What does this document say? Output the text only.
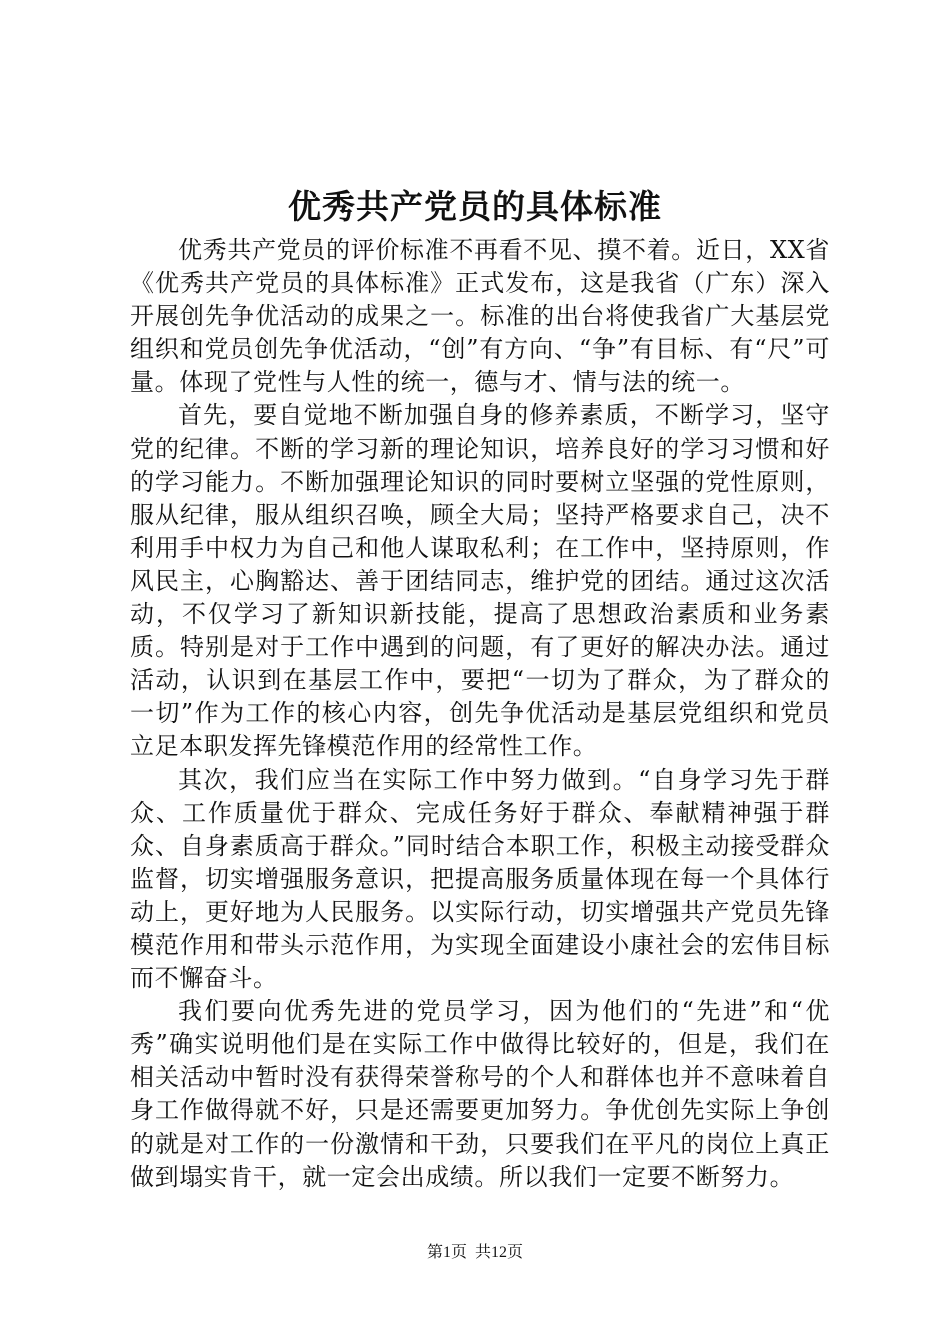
优秀共产党员的具体标准

优秀共产党员的评价标准不再看不见、摸不着。近日，XX省《优秀共产党员的具体标准》正式发布，这是我省（广东）深入开展创先争优活动的成果之一。标准的出台将使我省广大基层党组织和党员创先争优活动，“创”有方向、“争”有目标、有“尺”可量。体现了党性与人性的统一，德与才、情与法的统一。

首先，要自觉地不断加强自身的修养素质，不断学习，坚守党的纪律。不断的学习新的理论知识，培养良好的学习习惯和好的学习能力。不断加强理论知识的同时要树立坚强的党性原则，服从纪律，服从组织召唤，顾全大局；坚持严格要求自己，决不利用手中权力为自己和他人谋取私利；在工作中，坚持原则，作风民主，心胸豁达、善于团结同志，维护党的团结。通过这次活动，不仅学习了新知识新技能，提高了思想政治素质和业务素质。特别是对于工作中遇到的问题，有了更好的解决办法。通过活动，认识到在基层工作中，要把“一切为了群众，为了群众的一切”作为工作的核心内容，创先争优活动是基层党组织和党员立足本职发挥先锋模范作用的经常性工作。

其次，我们应当在实际工作中努力做到。“自身学习先于群众、工作质量优于群众、完成任务好于群众、奉献精神强于群众、自身素质高于群众。”同时结合本职工作，积极主动接受群众监督，切实增强服务意识，把提高服务质量体现在每一个具体行动上，更好地为人民服务。以实际行动，切实增强共产党员先锋模范作用和带头示范作用，为实现全面建设小康社会的宏伟目标而不懈奋斗。

我们要向优秀先进的党员学习，因为他们的“先进”和“优秀”确实说明他们是在实际工作中做得比较好的，但是，我们在相关活动中暂时没有获得荣誉称号的个人和群体也并不意味着自身工作做得就不好，只是还需要更加努力。争优创先实际上争创的就是对工作的一份激情和干劲，只要我们在平凡的岗位上真正做到塌实肯干，就一定会出成绩。所以我们一定要不断努力。

第1页 共12页
